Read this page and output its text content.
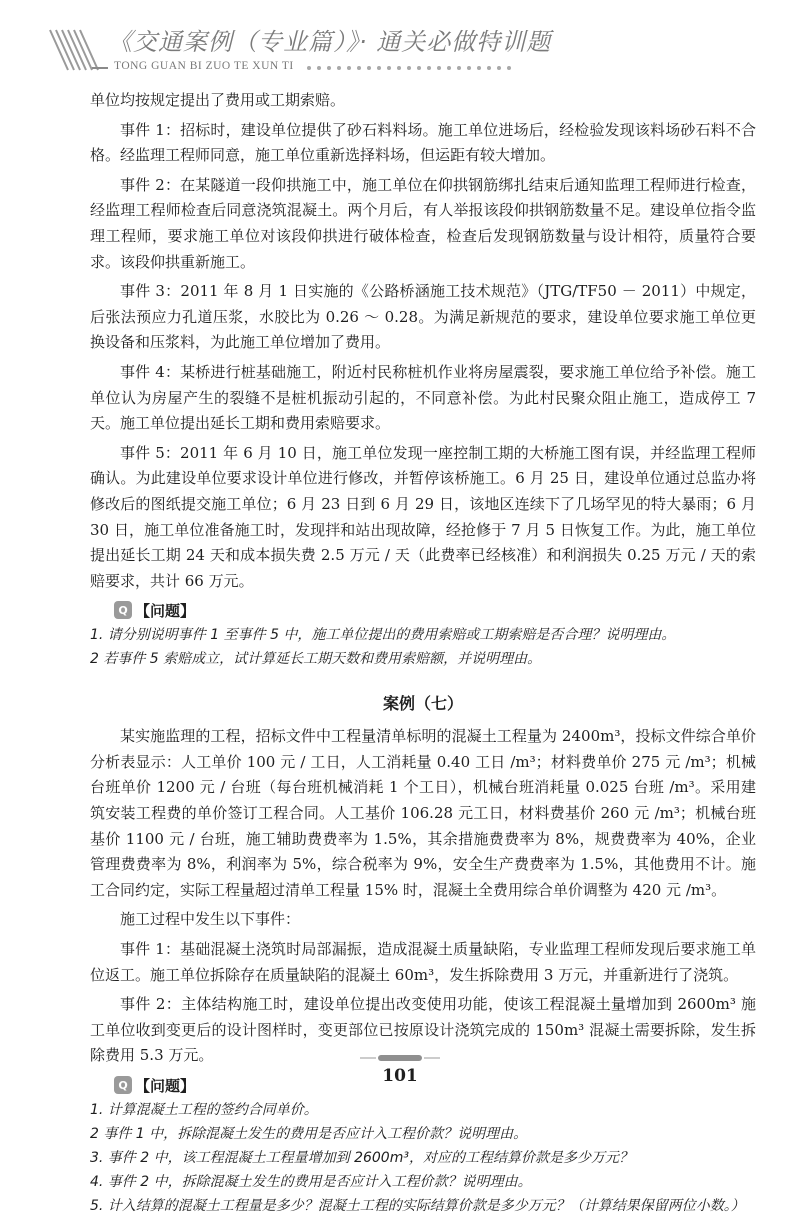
《交通案例（专业篇）》· 通关必做特训题
TONG GUAN BI ZUO TE XUN TI

单位均按规定提出了费用或工期索赔。

事件 1：招标时，建设单位提供了砂石料料场。施工单位进场后，经检验发现该料场砂石料不合格。经监理工程师同意，施工单位重新选择料场，但运距有较大增加。

事件 2：在某隧道一段仰拱施工中，施工单位在仰拱钢筋绑扎结束后通知监理工程师进行检查，经监理工程师检查后同意浇筑混凝土。两个月后，有人举报该段仰拱钢筋数量不足。建设单位指令监理工程师，要求施工单位对该段仰拱进行破体检查，检查后发现钢筋数量与设计相符，质量符合要求。该段仰拱重新施工。

事件 3：2011 年 8 月 1 日实施的《公路桥涵施工技术规范》（JTG/TF50 － 2011）中规定，后张法预应力孔道压浆，水胶比为 0.26 ～ 0.28。为满足新规范的要求，建设单位要求施工单位更换设备和压浆料，为此施工单位增加了费用。

事件 4：某桥进行桩基础施工，附近村民称桩机作业将房屋震裂，要求施工单位给予补偿。施工单位认为房屋产生的裂缝不是桩机振动引起的，不同意补偿。为此村民聚众阻止施工，造成停工 7 天。施工单位提出延长工期和费用索赔要求。

事件 5：2011 年 6 月 10 日，施工单位发现一座控制工期的大桥施工图有误，并经监理工程师确认。为此建设单位要求设计单位进行修改，并暂停该桥施工。6 月 25 日，建设单位通过总监办将修改后的图纸提交施工单位；6 月 23 日到 6 月 29 日，该地区连续下了几场罕见的特大暴雨；6 月 30 日，施工单位准备施工时，发现拌和站出现故障，经抢修于 7 月 5 日恢复工作。为此，施工单位提出延长工期 24 天和成本损失费 2.5 万元 / 天（此费率已经核准）和利润损失 0.25 万元 / 天的索赔要求，共计 66 万元。

Q 【问题】

1. 请分别说明事件 1 至事件 5 中，施工单位提出的费用索赔或工期索赔是否合理？说明理由。

2 若事件 5 索赔成立，试计算延长工期天数和费用索赔额，并说明理由。

案例（七）

某实施监理的工程，招标文件中工程量清单标明的混凝土工程量为 2400m³，投标文件综合单价分析表显示：人工单价 100 元 / 工日，人工消耗量 0.40 工日 /m³；材料费单价 275 元 /m³；机械台班单价 1200 元 / 台班（每台班机械消耗 1 个工日），机械台班消耗量 0.025 台班 /m³。采用建筑安装工程费的单价签订工程合同。人工基价 106.28 元工日，材料费基价 260 元 /m³；机械台班基价 1100 元 / 台班，施工辅助费费率为 1.5%，其余措施费费率为 8%，规费费率为 40%，企业管理费费率为 8%，利润率为 5%，综合税率为 9%，安全生产费费率为 1.5%，其他费用不计。施工合同约定，实际工程量超过清单工程量 15% 时，混凝土全费用综合单价调整为 420 元 /m³。

施工过程中发生以下事件：

事件 1：基础混凝土浇筑时局部漏振，造成混凝土质量缺陷，专业监理工程师发现后要求施工单位返工。施工单位拆除存在质量缺陷的混凝土 60m³，发生拆除费用 3 万元，并重新进行了浇筑。

事件 2：主体结构施工时，建设单位提出改变使用功能，使该工程混凝土量增加到 2600m³ 施工单位收到变更后的设计图样时，变更部位已按原设计浇筑完成的 150m³ 混凝土需要拆除，发生拆除费用 5.3 万元。

Q 【问题】

1. 计算混凝土工程的签约合同单价。

2 事件 1 中，拆除混凝土发生的费用是否应计入工程价款？说明理由。

3. 事件 2 中，该工程混凝土工程量增加到 2600m³，对应的工程结算价款是多少万元？

4. 事件 2 中，拆除混凝土发生的费用是否应计入工程价款？说明理由。

5. 计入结算的混凝土工程量是多少？混凝土工程的实际结算价款是多少万元？（计算结果保留两位小数。）

101
